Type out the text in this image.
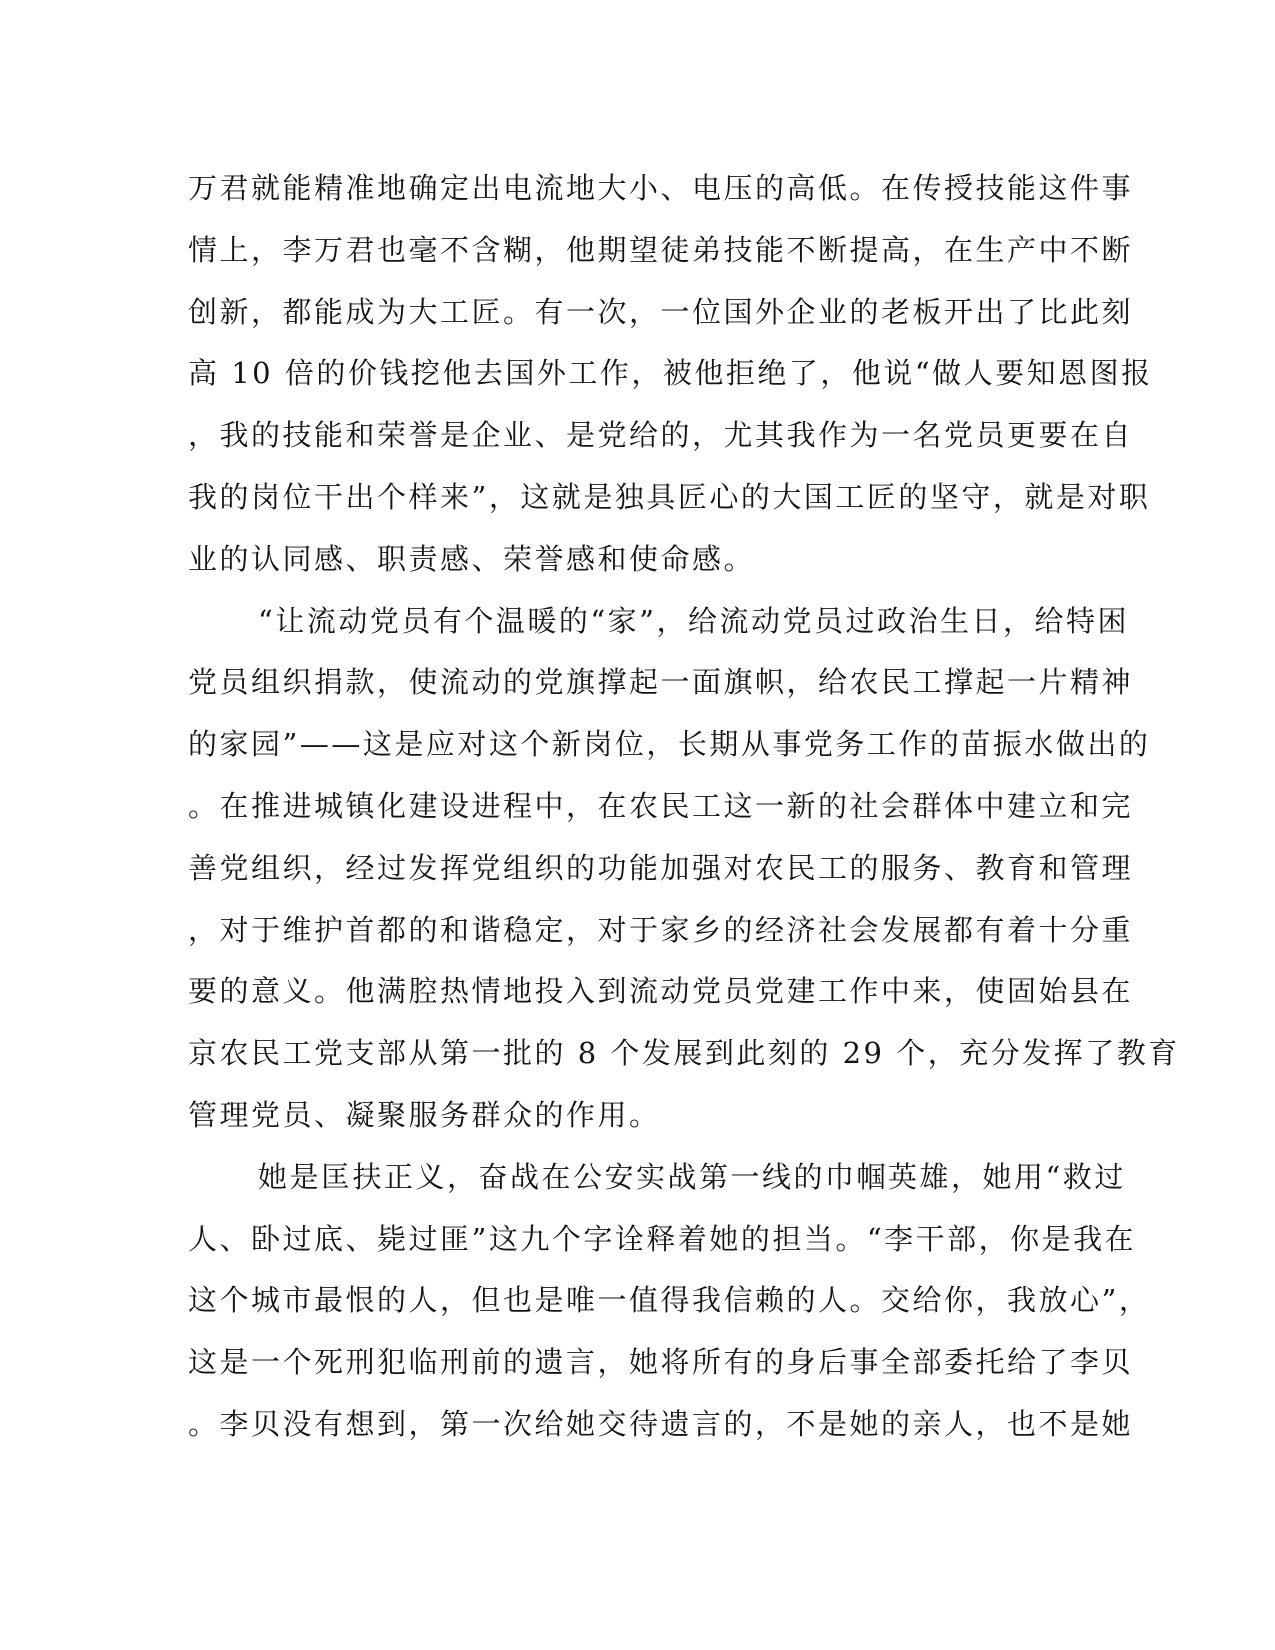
万君就能精准地确定出电流地大小、电压的高低。在传授技能这件事
情上，李万君也毫不含糊，他期望徒弟技能不断提高，在生产中不断
创新，都能成为大工匠。有一次，一位国外企业的老板开出了比此刻
高 10 倍的价钱挖他去国外工作，被他拒绝了，他说“做人要知恩图报
，我的技能和荣誉是企业、是党给的，尤其我作为一名党员更要在自
我的岗位干出个样来”，这就是独具匠心的大国工匠的坚守，就是对职
业的认同感、职责感、荣誉感和使命感。
“让流动党员有个温暖的“家”，给流动党员过政治生日，给特困
党员组织捐款，使流动的党旗撑起一面旗帜，给农民工撑起一片精神
的家园”——这是应对这个新岗位，长期从事党务工作的苗振水做出的
。在推进城镇化建设进程中，在农民工这一新的社会群体中建立和完
善党组织，经过发挥党组织的功能加强对农民工的服务、教育和管理
，对于维护首都的和谐稳定，对于家乡的经济社会发展都有着十分重
要的意义。他满腔热情地投入到流动党员党建工作中来，使固始县在
京农民工党支部从第一批的 8 个发展到此刻的 29 个，充分发挥了教育
管理党员、凝聚服务群众的作用。
她是匡扶正义，奋战在公安实战第一线的巾帼英雄，她用“救过
人、卧过底、毙过匪”这九个字诠释着她的担当。“李干部，你是我在
这个城市最恨的人，但也是唯一值得我信赖的人。交给你，我放心”，
这是一个死刑犯临刑前的遗言，她将所有的身后事全部委托给了李贝
。李贝没有想到，第一次给她交待遗言的，不是她的亲人，也不是她
